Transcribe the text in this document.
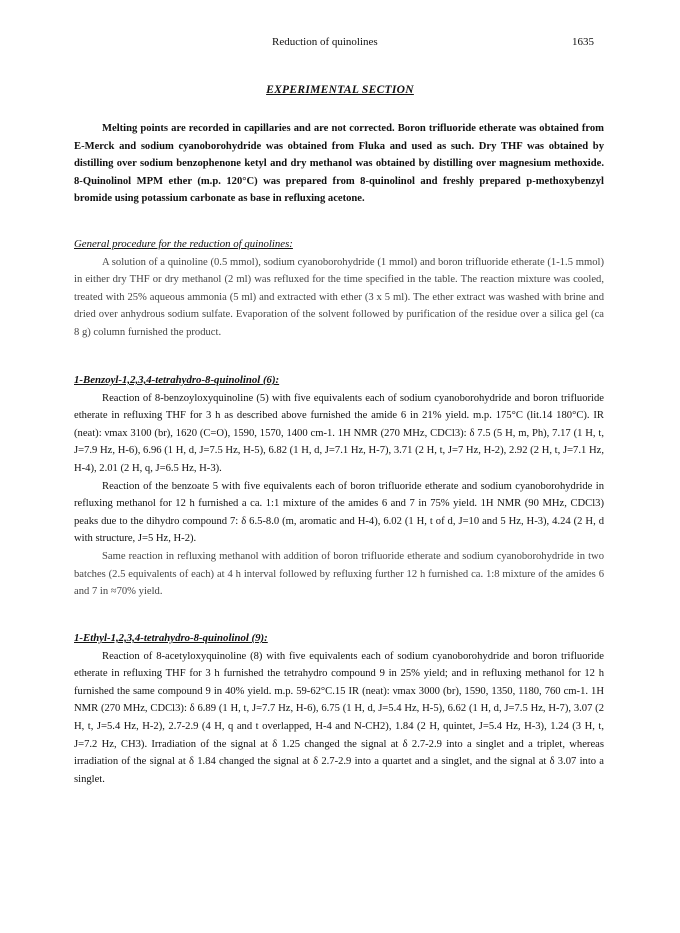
Reduction of quinolines	1635
EXPERIMENTAL SECTION

Melting points are recorded in capillaries and are not corrected. Boron trifluoride etherate was obtained from E-Merck and sodium cyanoborohydride was obtained from Fluka and used as such. Dry THF was obtained by distilling over sodium benzophenone ketyl and dry methanol was obtained by distilling over magnesium methoxide. 8-Quinolinol MPM ether (m.p. 120°C) was prepared from 8-quinolinol and freshly prepared p-methoxybenzyl bromide using potassium carbonate as base in refluxing acetone.

General procedure for the reduction of quinolines:

A solution of a quinoline (0.5 mmol), sodium cyanoborohydride (1 mmol) and boron trifluoride etherate (1-1.5 mmol) in either dry THF or dry methanol (2 ml) was refluxed for the time specified in the table. The reaction mixture was cooled, treated with 25% aqueous ammonia (5 ml) and extracted with ether (3 x 5 ml). The ether extract was washed with brine and dried over anhydrous sodium sulfate. Evaporation of the solvent followed by purification of the residue over a silica gel (ca 8 g) column furnished the product.

1-Benzoyl-1,2,3,4-tetrahydro-8-quinolinol (6):

Reaction of 8-benzoyloxyquinoline (5) with five equivalents each of sodium cyanoborohydride and boron trifluoride etherate in refluxing THF for 3 h as described above furnished the amide 6 in 21% yield. m.p. 175°C (lit.14 180°C). IR (neat): νmax 3100 (br), 1620 (C=O), 1590, 1570, 1400 cm-1. 1H NMR (270 MHz, CDCl3): δ 7.5 (5 H, m, Ph), 7.17 (1 H, t, J=7.9 Hz, H-6), 6.96 (1 H, d, J=7.5 Hz, H-5), 6.82 (1 H, d, J=7.1 Hz, H-7), 3.71 (2 H, t, J=7 Hz, H-2), 2.92 (2 H, t, J=7.1 Hz, H-4), 2.01 (2 H, q, J=6.5 Hz, H-3).

Reaction of the benzoate 5 with five equivalents each of boron trifluoride etherate and sodium cyanoborohydride in refluxing methanol for 12 h furnished a ca. 1:1 mixture of the amides 6 and 7 in 75% yield. 1H NMR (90 MHz, CDCl3) peaks due to the dihydro compound 7: δ 6.5-8.0 (m, aromatic and H-4), 6.02 (1 H, t of d, J=10 and 5 Hz, H-3), 4.24 (2 H, d with structure, J=5 Hz, H-2).

Same reaction in refluxing methanol with addition of boron trifluoride etherate and sodium cyanoborohydride in two batches (2.5 equivalents of each) at 4 h interval followed by refluxing further 12 h furnished ca. 1:8 mixture of the amides 6 and 7 in ≈70% yield.

1-Ethyl-1,2,3,4-tetrahydro-8-quinolinol (9):

Reaction of 8-acetyloxyquinoline (8) with five equivalents each of sodium cyanoborohydride and boron trifluoride etherate in refluxing THF for 3 h furnished the tetrahydro compound 9 in 25% yield; and in refluxing methanol for 12 h furnished the same compound 9 in 40% yield. m.p. 59-62°C.15 IR (neat): νmax 3000 (br), 1590, 1350, 1180, 760 cm-1. 1H NMR (270 MHz, CDCl3): δ 6.89 (1 H, t, J=7.7 Hz, H-6), 6.75 (1 H, d, J=5.4 Hz, H-5), 6.62 (1 H, d, J=7.5 Hz, H-7), 3.07 (2 H, t, J=5.4 Hz, H-2), 2.7-2.9 (4 H, q and t overlapped, H-4 and N-CH2), 1.84 (2 H, quintet, J=5.4 Hz, H-3), 1.24 (3 H, t, J=7.2 Hz, CH3). Irradiation of the signal at δ 1.25 changed the signal at δ 2.7-2.9 into a singlet and a triplet, whereas irradiation of the signal at δ 1.84 changed the signal at δ 2.7-2.9 into a quartet and a singlet, and the signal at δ 3.07 into a singlet.
